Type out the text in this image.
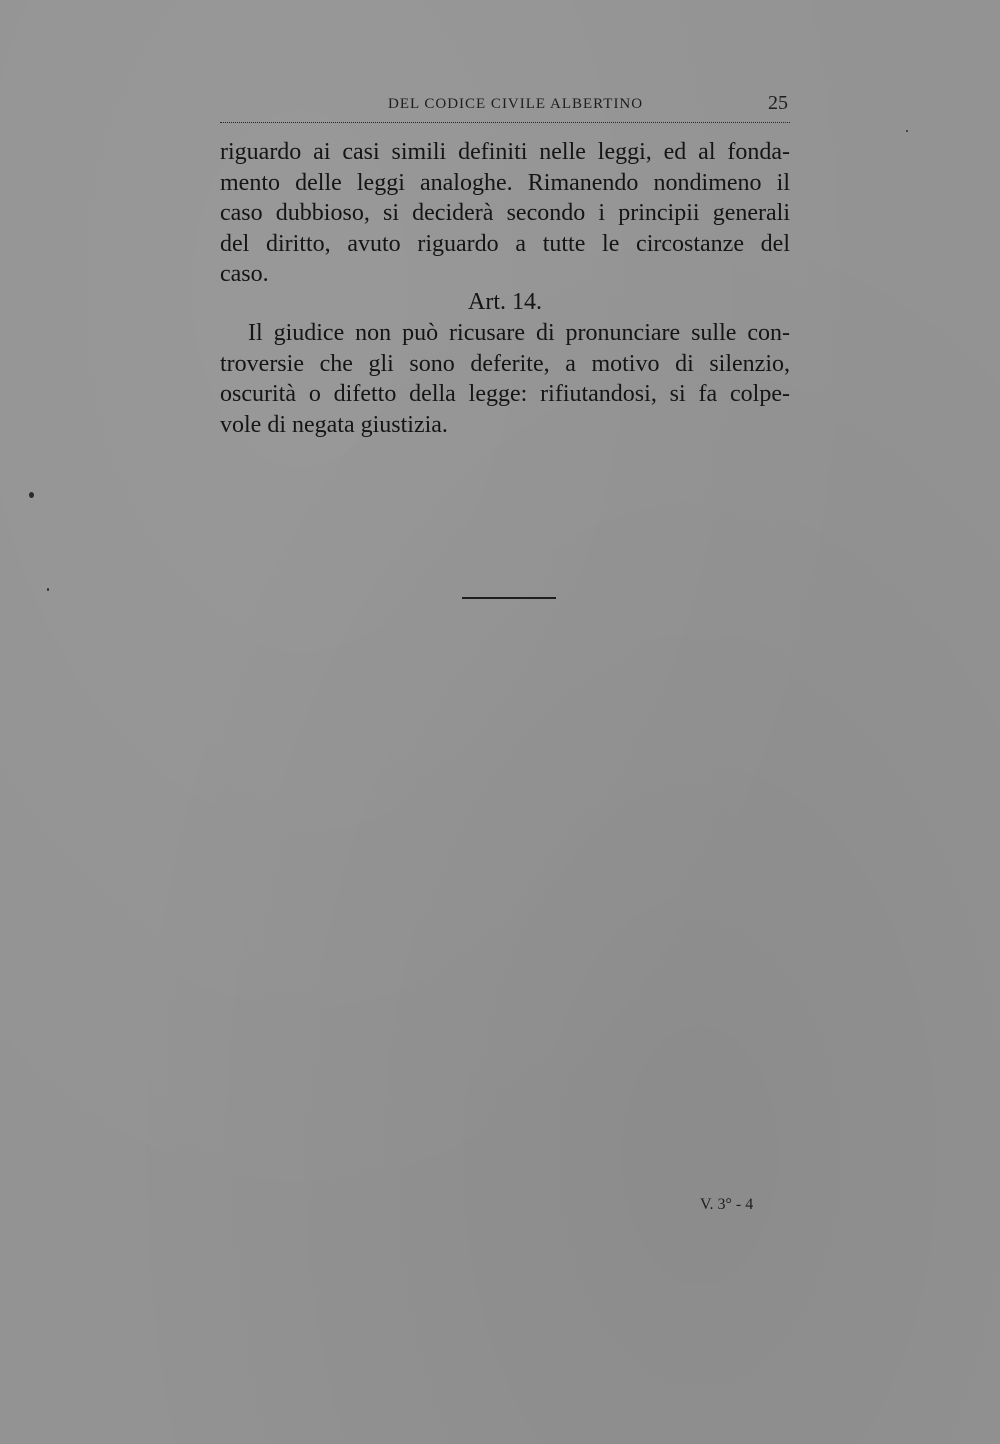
DEL CODICE CIVILE ALBERTINO	25
riguardo ai casi simili definiti nelle leggi, ed al fonda-
mento delle leggi analoghe. Rimanendo nondimeno il
caso dubbioso, si deciderà secondo i principii generali
del diritto, avuto riguardo a tutte le circostanze del
caso.
Art. 14.
Il giudice non può ricusare di pronunciare sulle con-
troversie che gli sono deferite, a motivo di silenzio,
oscurità o difetto della legge: rifiutandosi, si fa colpe-
vole di negata giustizia.
V. 3° - 4
